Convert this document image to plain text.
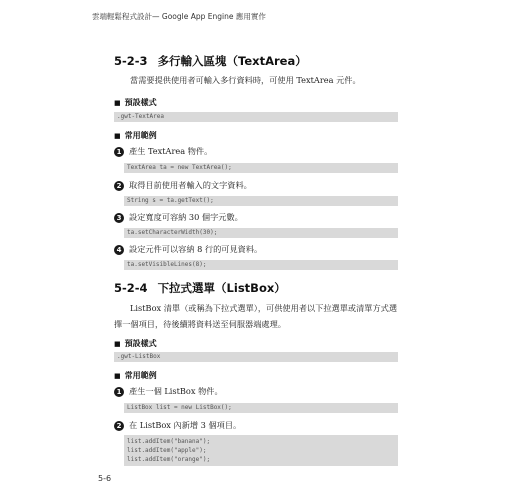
雲端輕鬆程式設計— Google App Engine 應用實作
5-2-3 多行輸入區塊（TextArea）
當需要提供使用者可輸入多行資料時，可使用 TextArea 元件。
■ 預設樣式
.gwt-TextArea
■ 常用範例
1 產生 TextArea 物件。
TextArea ta = new TextArea();
2 取得目前使用者輸入的文字資料。
String s = ta.getText();
3 設定寬度可容納 30 個字元數。
ta.setCharacterWidth(30);
4 設定元件可以容納 8 行的可見資料。
ta.setVisibleLines(8);
5-2-4 下拉式選單（ListBox）
ListBox 清單（或稱為下拉式選單），可供使用者以下拉選單或清單方式選擇一個項目，待後續將資料送至伺服器端處理。
■ 預設樣式
.gwt-ListBox
■ 常用範例
1 產生一個 ListBox 物件。
ListBox list = new ListBox();
2 在 ListBox 內新增 3 個項目。
list.addItem("banana");
list.addItem("apple");
list.addItem("orange");
5-6
